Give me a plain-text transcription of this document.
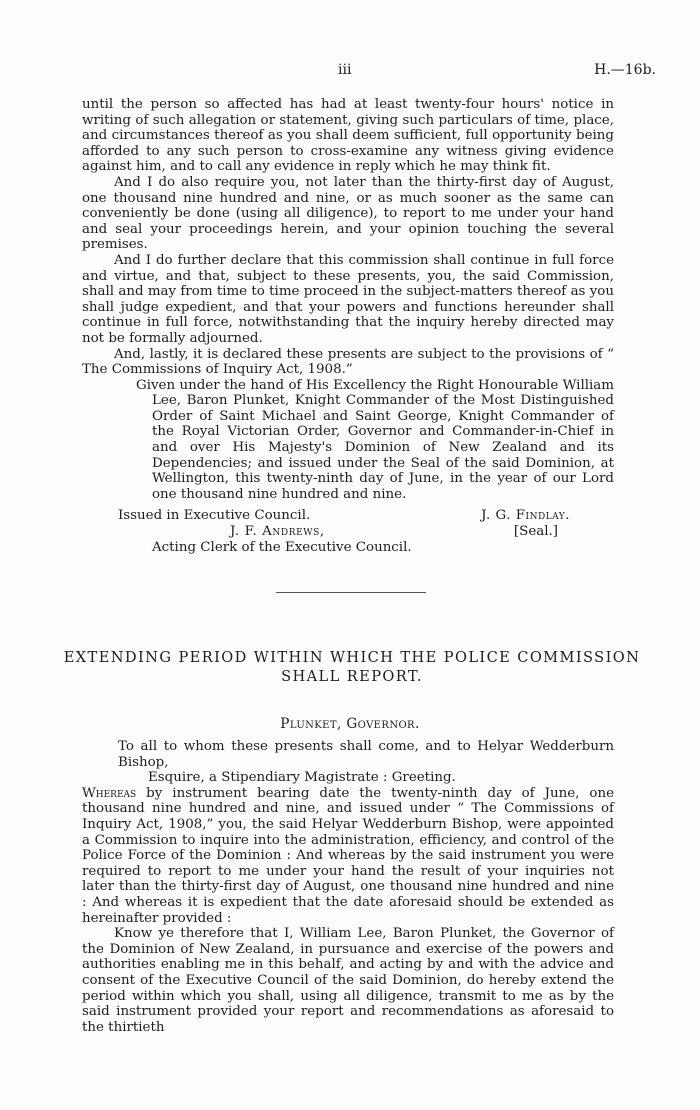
iii	H.—16b.

until the person so affected has had at least twenty-four hours' notice in writing of such allegation or statement, giving such particulars of time, place, and circumstances thereof as you shall deem sufficient, full opportunity being afforded to any such person to cross-examine any witness giving evidence against him, and to call any evidence in reply which he may think fit.

And I do also require you, not later than the thirty-first day of August, one thousand nine hundred and nine, or as much sooner as the same can conveniently be done (using all diligence), to report to me under your hand and seal your proceedings herein, and your opinion touching the several premises.

And I do further declare that this commission shall continue in full force and virtue, and that, subject to these presents, you, the said Commission, shall and may from time to time proceed in the subject-matters thereof as you shall judge expedient, and that your powers and functions hereunder shall continue in full force, notwithstanding that the inquiry hereby directed may not be formally adjourned.

And, lastly, it is declared these presents are subject to the provisions of “ The Commissions of Inquiry Act, 1908.”

Given under the hand of His Excellency the Right Honourable William Lee, Baron Plunket, Knight Commander of the Most Distinguished Order of Saint Michael and Saint George, Knight Commander of the Royal Victorian Order, Governor and Commander-in-Chief in and over His Majesty's Dominion of New Zealand and its Dependencies; and issued under the Seal of the said Dominion, at Wellington, this twenty-ninth day of June, in the year of our Lord one thousand nine hundred and nine.

Issued in Executive Council.	J. G. Findlay.
[Seal.]
J. F. Andrews,
Acting Clerk of the Executive Council.
EXTENDING PERIOD WITHIN WHICH THE POLICE COMMISSION
SHALL REPORT.
Plunket, Governor.

To all to whom these presents shall come, and to Helyar Wedderburn Bishop,

Esquire, a Stipendiary Magistrate : Greeting.

Whereas by instrument bearing date the twenty-ninth day of June, one thousand nine hundred and nine, and issued under “ The Commissions of Inquiry Act, 1908,” you, the said Helyar Wedderburn Bishop, were appointed a Commission to inquire into the administration, efficiency, and control of the Police Force of the Dominion : And whereas by the said instrument you were required to report to me under your hand the result of your inquiries not later than the thirty-first day of August, one thousand nine hundred and nine : And whereas it is expedient that the date aforesaid should be extended as hereinafter provided :

Know ye therefore that I, William Lee, Baron Plunket, the Governor of the Dominion of New Zealand, in pursuance and exercise of the powers and authorities enabling me in this behalf, and acting by and with the advice and consent of the Executive Council of the said Dominion, do hereby extend the period within which you shall, using all diligence, transmit to me as by the said instrument provided your report and recommendations as aforesaid to the thirtieth
